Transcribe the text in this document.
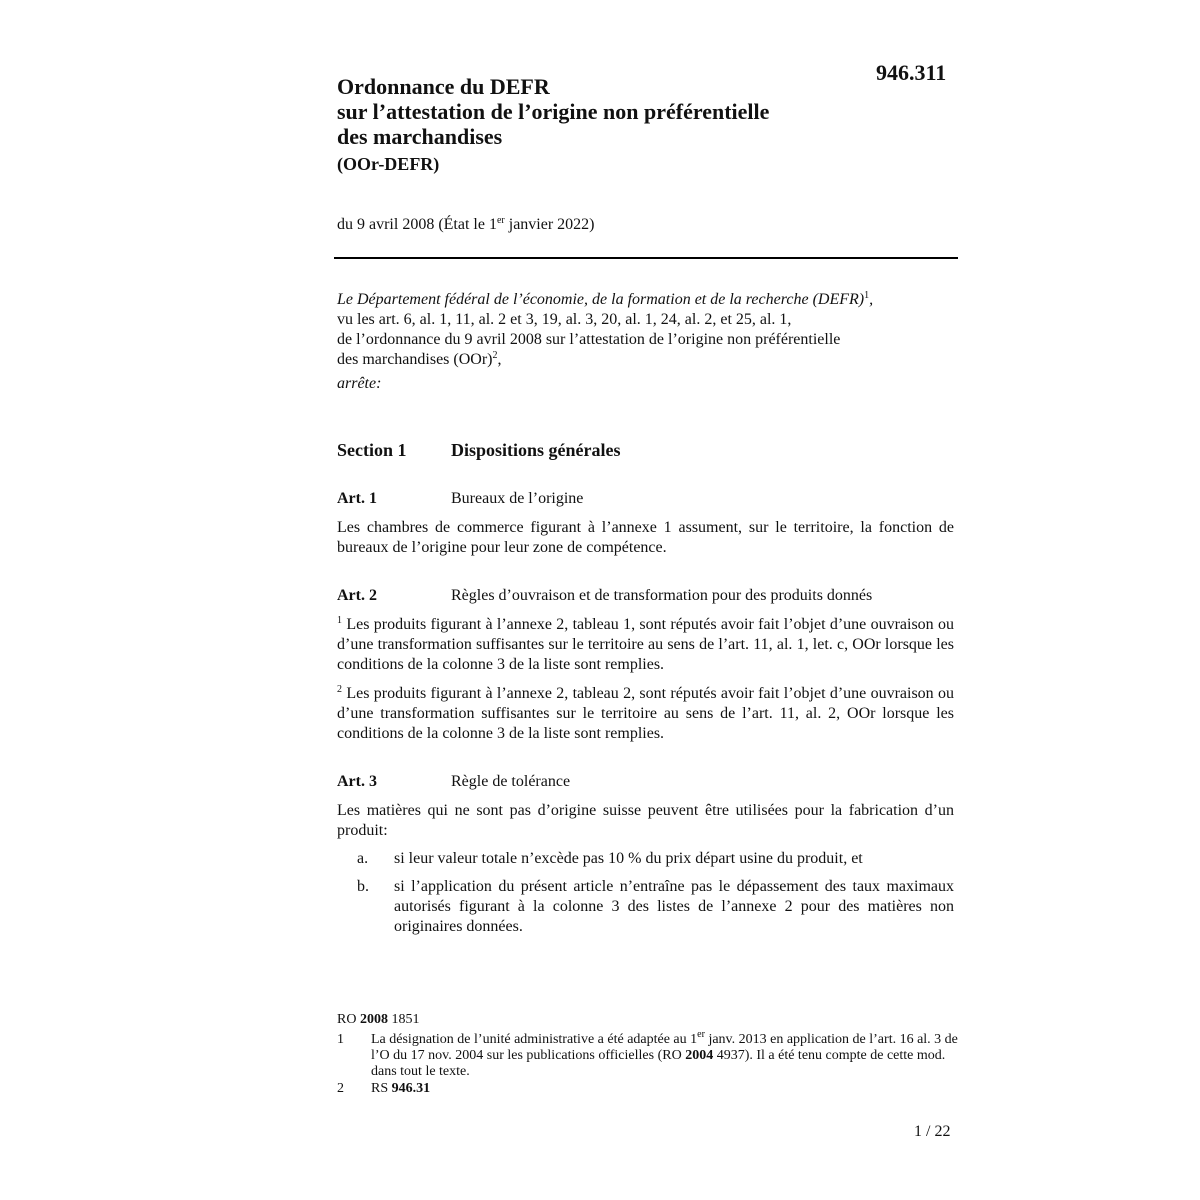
946.311
Ordonnance du DEFR
sur l’attestation de l’origine non préférentielle
des marchandises
(OOr-DEFR)
du 9 avril 2008 (État le 1er janvier 2022)
Le Département fédéral de l’économie, de la formation et de la recherche (DEFR)$^1$,
vu les art. 6, al. 1, 11, al. 2 et 3, 19, al. 3, 20, al. 1, 24, al. 2, et 25, al. 1,
de l’ordonnance du 9 avril 2008 sur l’attestation de l’origine non préférentielle
des marchandises (OOr)$^2$,
arrête:
Section 1 Dispositions générales
Art. 1	Bureaux de l’origine
Les chambres de commerce figurant à l’annexe 1 assument, sur le territoire, la fonction de bureaux de l’origine pour leur zone de compétence.
Art. 2	Règles d’ouvraison et de transformation pour des produits donnés
$^1$ Les produits figurant à l’annexe 2, tableau 1, sont réputés avoir fait l’objet d’une ouvraison ou d’une transformation suffisantes sur le territoire au sens de l’art. 11, al. 1, let. c, OOr lorsque les conditions de la colonne 3 de la liste sont remplies.
$^2$ Les produits figurant à l’annexe 2, tableau 2, sont réputés avoir fait l’objet d’une ouvraison ou d’une transformation suffisantes sur le territoire au sens de l’art. 11, al. 2, OOr lorsque les conditions de la colonne 3 de la liste sont remplies.
Art. 3	Règle de tolérance
Les matières qui ne sont pas d’origine suisse peuvent être utilisées pour la fabrication d’un produit:
a. si leur valeur totale n’excède pas 10 % du prix départ usine du produit, et
b. si l’application du présent article n’entraîne pas le dépassement des taux maximaux autorisés figurant à la colonne 3 des listes de l’annexe 2 pour des matières non originaires données.
RO 2008 1851
1 La désignation de l’unité administrative a été adaptée au 1er janv. 2013 en application de l’art. 16 al. 3 de l’O du 17 nov. 2004 sur les publications officielles (RO 2004 4937). Il a été tenu compte de cette mod. dans tout le texte.
2 RS 946.31
1 / 22
